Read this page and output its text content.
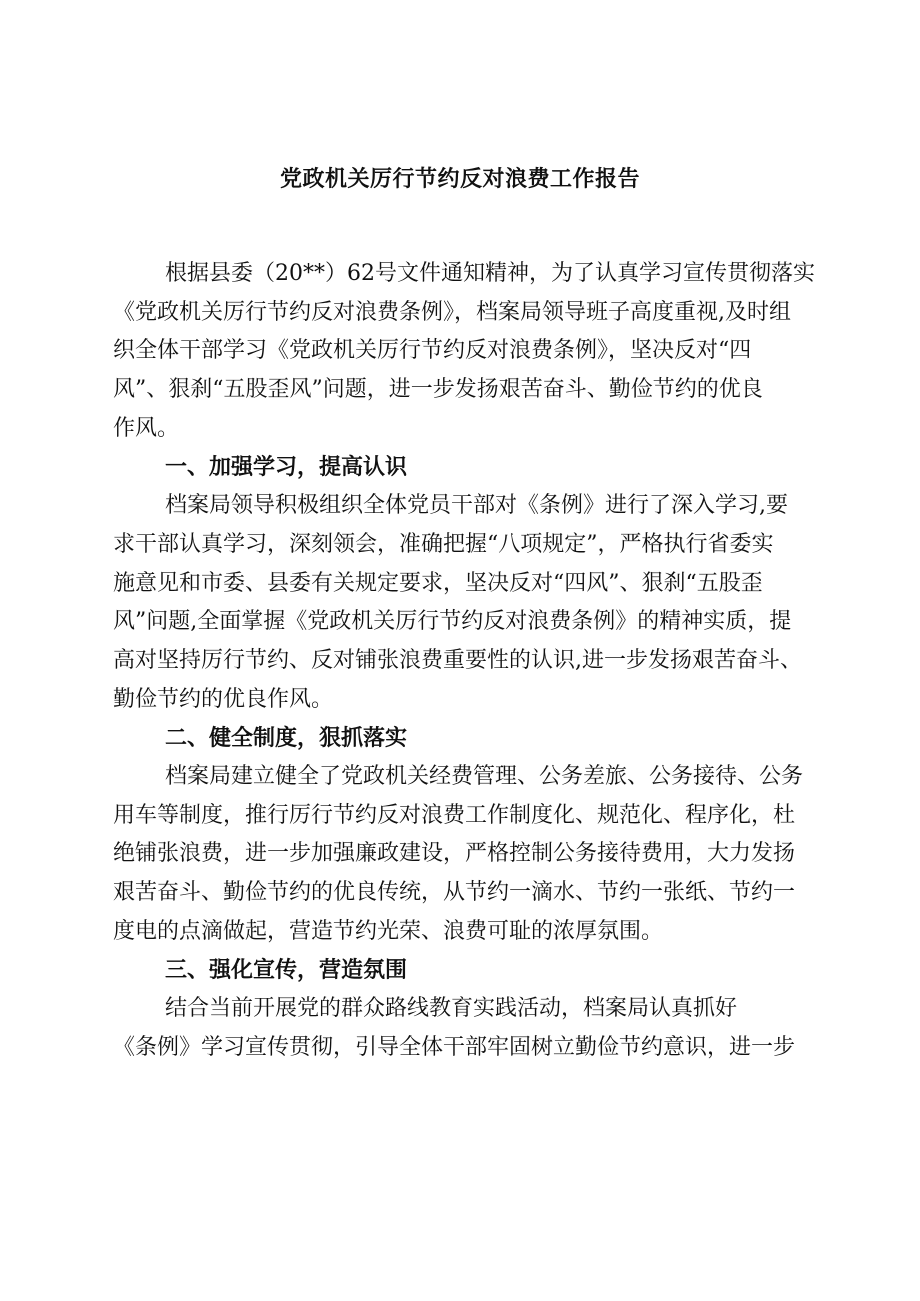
党政机关厉行节约反对浪费工作报告
根据县委（20**）62号文件通知精神，为了认真学习宣传贯彻落实
《党政机关厉行节约反对浪费条例》，档案局领导班子高度重视,及时组
织全体干部学习《党政机关厉行节约反对浪费条例》，坚决反对“四
风”、狠刹“五股歪风”问题，进一步发扬艰苦奋斗、勤俭节约的优良
作风。
一、加强学习，提高认识
档案局领导积极组织全体党员干部对《条例》进行了深入学习,要
求干部认真学习，深刻领会，准确把握“八项规定”，严格执行省委实
施意见和市委、县委有关规定要求，坚决反对“四风”、狠刹“五股歪
风”问题,全面掌握《党政机关厉行节约反对浪费条例》的精神实质，提
高对坚持厉行节约、反对铺张浪费重要性的认识,进一步发扬艰苦奋斗、
勤俭节约的优良作风。
二、健全制度，狠抓落实
档案局建立健全了党政机关经费管理、公务差旅、公务接待、公务
用车等制度，推行厉行节约反对浪费工作制度化、规范化、程序化，杜
绝铺张浪费，进一步加强廉政建设，严格控制公务接待费用，大力发扬
艰苦奋斗、勤俭节约的优良传统，从节约一滴水、节约一张纸、节约一
度电的点滴做起，营造节约光荣、浪费可耻的浓厚氛围。
三、强化宣传，营造氛围
结合当前开展党的群众路线教育实践活动，档案局认真抓好
《条例》学习宣传贯彻，引导全体干部牢固树立勤俭节约意识，进一步
